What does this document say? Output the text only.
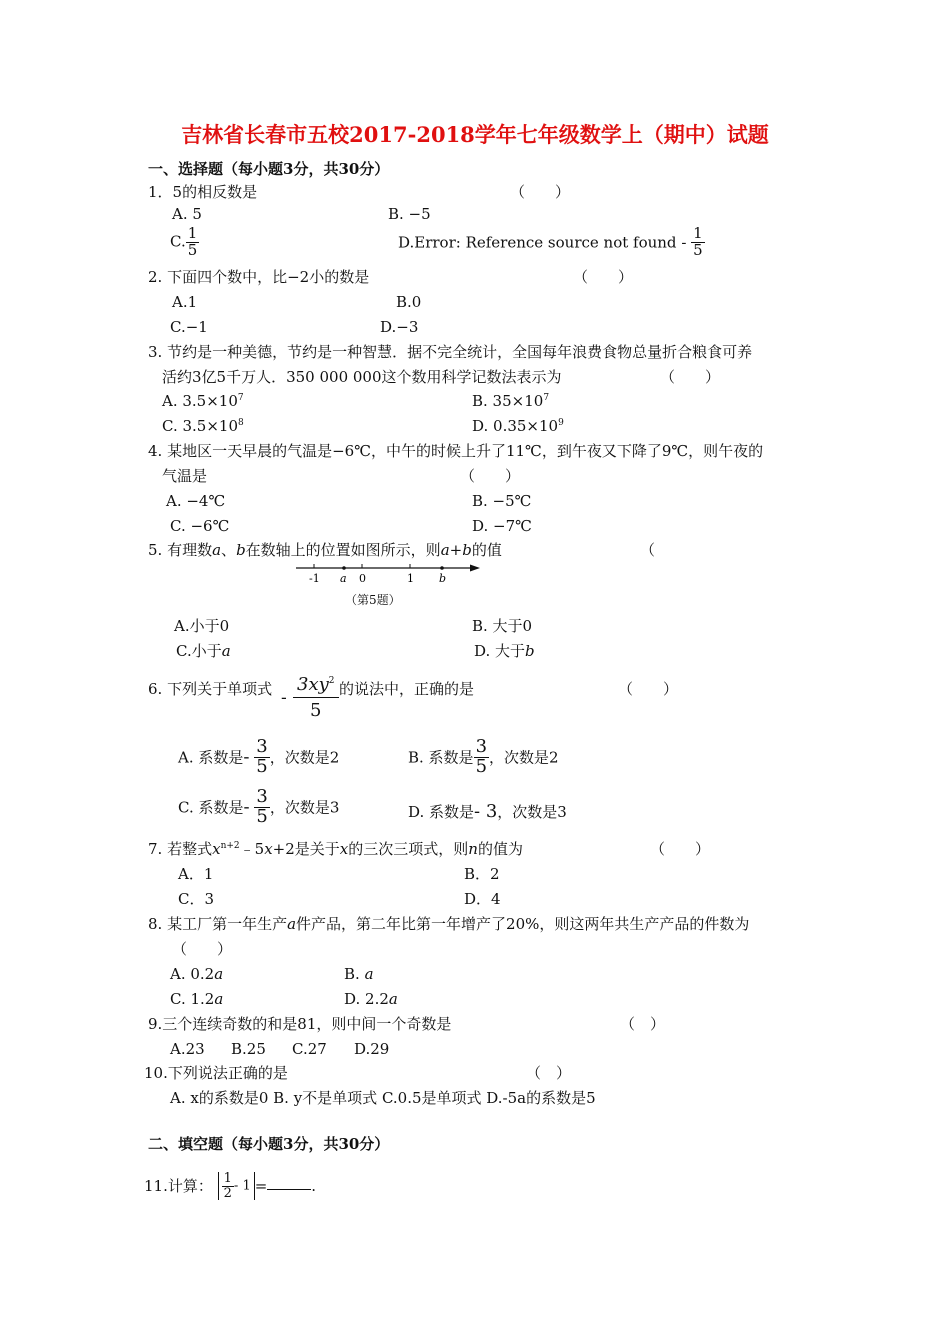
吉林省长春市五校2017-2018学年七年级数学上（期中）试题
一、选择题（每小题3分，共30分）
1．5的相反数是	（　　）
A. 5	B. −5
C. $\frac{1}{5}$	D.Error: Reference source not found - $\frac{1}{5}$
2. 下面四个数中，比−2小的数是	（　　）
A.1	B.0
C.−1	D.−3
3. 节约是一种美德，节约是一种智慧．据不完全统计，全国每年浪费食物总量折合粮食可养
活约3亿5千万人．350 000 000这个数用科学记数法表示为	（　　）
A. $3.5\times 10^7$	B. $35\times 10^7$
C. $3.5\times 10^8$	D. $0.35\times 10^9$
4. 某地区一天早晨的气温是−6℃，中午的时候上升了11℃，到午夜又下降了9℃，则午夜的
气温是	（　　）
A. −4℃	B. −5℃
C. −6℃	D. −7℃
5. 有理数a、b在数轴上的位置如图所示，则a+b的值	（
-1 a 0	1 b
（第5题）
A.小于0	B. 大于0
C.小于a	D. 大于b
6. 下列关于单项式 - $\frac{3xy^2}{5}$ 的说法中，正确的是	（　　）
A. 系数是- $\frac{3}{5}$ ，次数是2	B. 系数是 $\frac{3}{5}$ ，次数是2
C. 系数是- $\frac{3}{5}$ ，次数是3	D. 系数是- 3，次数是3
7. 若整式$x^{n+2}﹣5x+2$是关于x的三次三项式，则n的值为	（　　）
A．1	B．2
C．3	D．4
8. 某工厂第一年生产a件产品，第二年比第一年增产了20%，则这两年共生产产品的件数为
（　　）
A. 0.2a	B. a
C. 1.2a	D. 2.2a
9.三个连续奇数的和是81，则中间一个奇数是	（　）
A.23 B.25 C.27 D.29
10.下列说法正确的是	（　）
A. x的系数是0 B. y不是单项式 C.0.5是单项式 D.-5a的系数是5
二、填空题（每小题3分，共30分）
11.计算： $\frac{1}{2} - 1$ =	.
